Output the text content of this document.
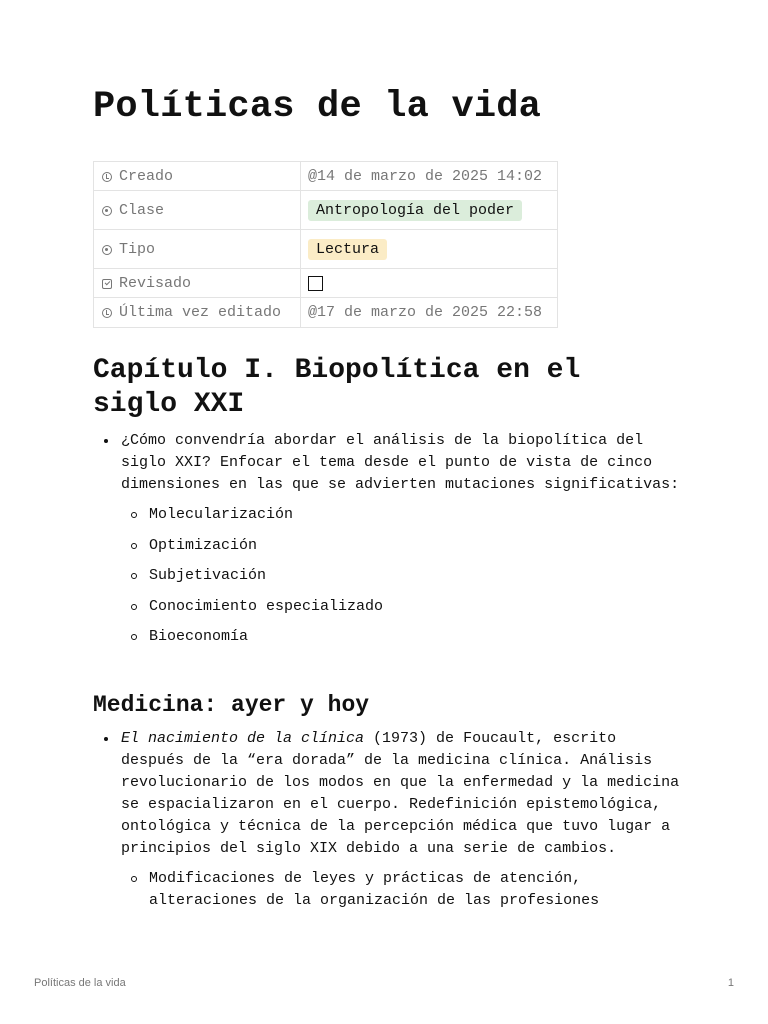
Políticas de la vida
Creado	@14 de marzo de 2025 14:02
Clase	Antropología del poder
Tipo	Lectura
Revisado	
Última vez editado	@17 de marzo de 2025 22:58
Capítulo I. Biopolítica en el siglo XXI
¿Cómo convendría abordar el análisis de la biopolítica del siglo XXI? Enfocar el tema desde el punto de vista de cinco dimensiones en las que se advierten mutaciones significativas:
Molecularización
Optimización
Subjetivación
Conocimiento especializado
Bioeconomía
Medicina: ayer y hoy
El nacimiento de la clínica (1973) de Foucault, escrito después de la “era dorada” de la medicina clínica. Análisis revolucionario de los modos en que la enfermedad y la medicina se espacializaron en el cuerpo. Redefinición epistemológica, ontológica y técnica de la percepción médica que tuvo lugar a principios del siglo XIX debido a una serie de cambios.
Modificaciones de leyes y prácticas de atención, alteraciones de la organización de las profesiones
Políticas de la vida	1
